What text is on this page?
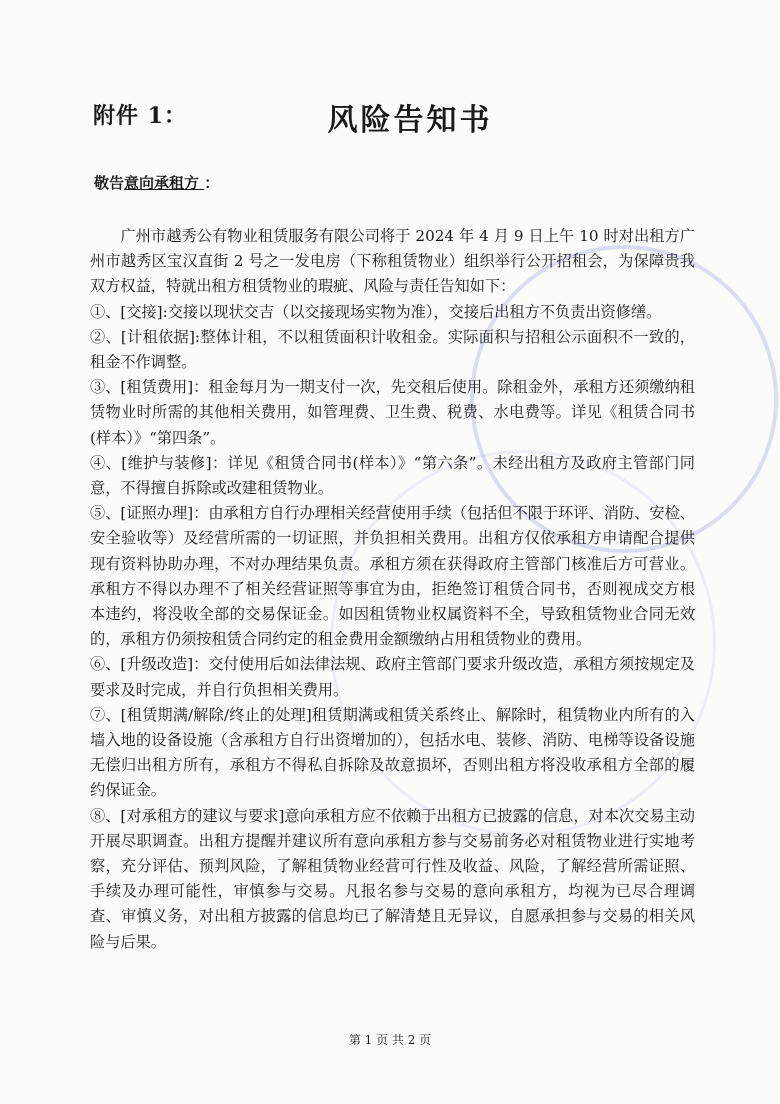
附件 1：	风险告知书
敬告意向承租方 ：

广州市越秀公有物业租赁服务有限公司将于 2024 年 4 月 9 日上午 10 时对出租方广州市越秀区宝汉直街 2 号之一发电房（下称租赁物业）组织举行公开招租会，为保障贵我双方权益，特就出租方租赁物业的瑕疵、风险与责任告知如下：

①、[交接]:交接以现状交吉（以交接现场实物为准），交接后出租方不负责出资修缮。

②、[计租依据]:整体计租，不以租赁面积计收租金。实际面积与招租公示面积不一致的，租金不作调整。

③、[租赁费用]：租金每月为一期支付一次，先交租后使用。除租金外，承租方还须缴纳租赁物业时所需的其他相关费用，如管理费、卫生费、税费、水电费等。详见《租赁合同书(样本）》“第四条”。

④、[维护与装修]：详见《租赁合同书(样本）》“第六条”。未经出租方及政府主管部门同意，不得擅自拆除或改建租赁物业。

⑤、[证照办理]：由承租方自行办理相关经营使用手续（包括但不限于环评、消防、安检、安全验收等）及经营所需的一切证照，并负担相关费用。出租方仅依承租方申请配合提供现有资料协助办理，不对办理结果负责。承租方须在获得政府主管部门核准后方可营业。承租方不得以办理不了相关经营证照等事宜为由，拒绝签订租赁合同书，否则视成交方根本违约，将没收全部的交易保证金。如因租赁物业权属资料不全，导致租赁物业合同无效的，承租方仍须按租赁合同约定的租金费用金额缴纳占用租赁物业的费用。

⑥、[升级改造]：交付使用后如法律法规、政府主管部门要求升级改造，承租方须按规定及要求及时完成，并自行负担相关费用。

⑦、[租赁期满/解除/终止的处理]租赁期满或租赁关系终止、解除时，租赁物业内所有的入墙入地的设备设施（含承租方自行出资增加的），包括水电、装修、消防、电梯等设备设施无偿归出租方所有，承租方不得私自拆除及故意损坏，否则出租方将没收承租方全部的履约保证金。

⑧、[对承租方的建议与要求]意向承租方应不依赖于出租方已披露的信息，对本次交易主动开展尽职调查。出租方提醒并建议所有意向承租方参与交易前务必对租赁物业进行实地考察，充分评估、预判风险，了解租赁物业经营可行性及收益、风险，了解经营所需证照、手续及办理可能性，审慎参与交易。凡报名参与交易的意向承租方，均视为已尽合理调查、审慎义务，对出租方披露的信息均已了解清楚且无异议，自愿承担参与交易的相关风险与后果。

第 1 页 共 2 页
